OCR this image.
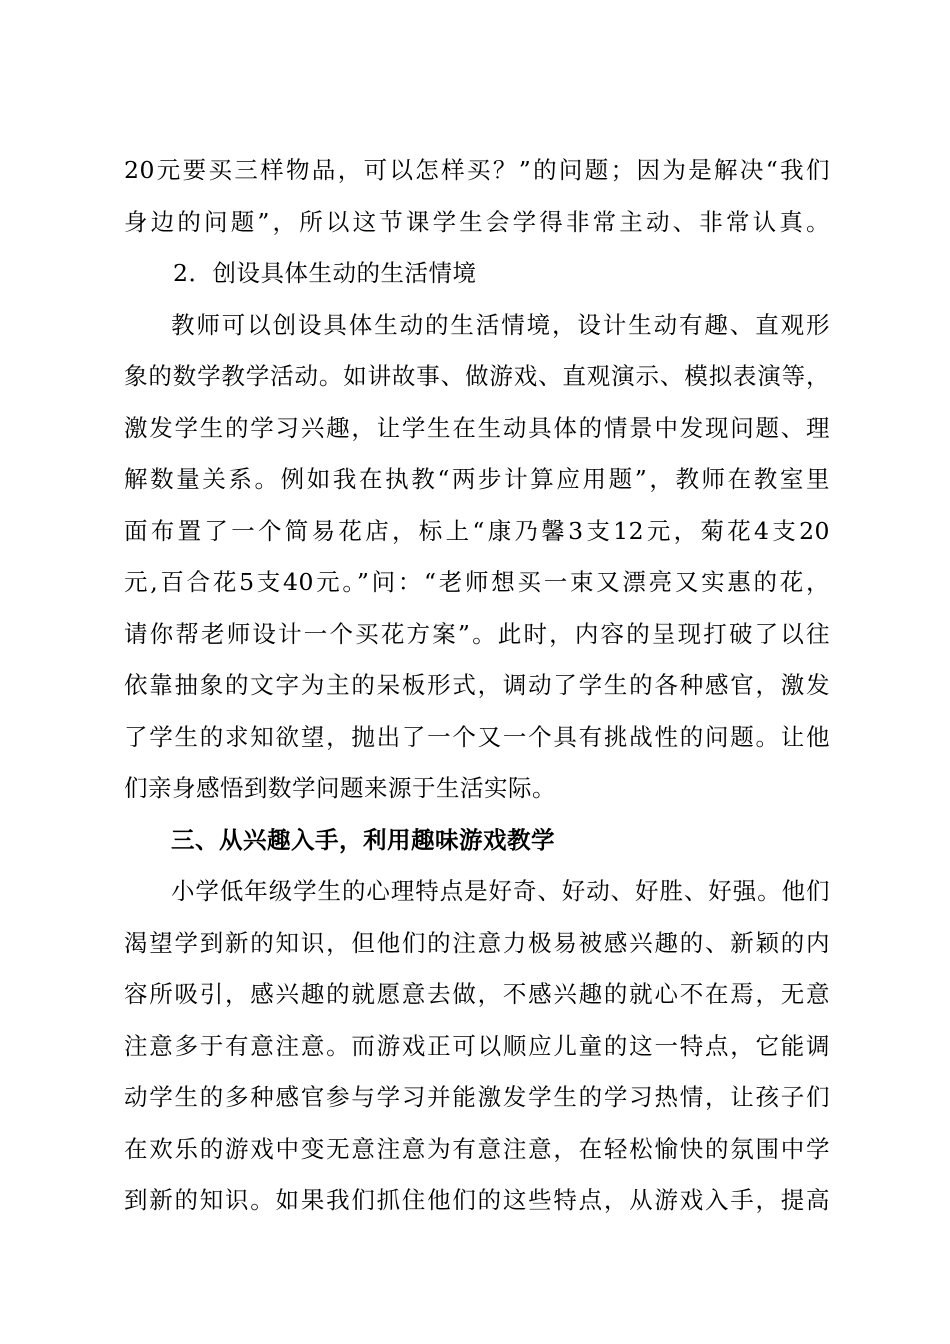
20元要买三样物品，可以怎样买？”的问题；因为是解决“我们
身边的问题”，所以这节课学生会学得非常主动、非常认真。
2．创设具体生动的生活情境
教师可以创设具体生动的生活情境，设计生动有趣、直观形
象的数学教学活动。如讲故事、做游戏、直观演示、模拟表演等，
激发学生的学习兴趣，让学生在生动具体的情景中发现问题、理
解数量关系。例如我在执教“两步计算应用题”，教师在教室里
面布置了一个简易花店，标上“康乃馨3支12元，菊花4支20
元,百合花5支40元。”问：“老师想买一束又漂亮又实惠的花，
请你帮老师设计一个买花方案”。此时，内容的呈现打破了以往
依靠抽象的文字为主的呆板形式，调动了学生的各种感官，激发
了学生的求知欲望，抛出了一个又一个具有挑战性的问题。让他
们亲身感悟到数学问题来源于生活实际。
三、从兴趣入手，利用趣味游戏教学
小学低年级学生的心理特点是好奇、好动、好胜、好强。他们
渴望学到新的知识，但他们的注意力极易被感兴趣的、新颖的内
容所吸引，感兴趣的就愿意去做，不感兴趣的就心不在焉，无意
注意多于有意注意。而游戏正可以顺应儿童的这一特点，它能调
动学生的多种感官参与学习并能激发学生的学习热情，让孩子们
在欢乐的游戏中变无意注意为有意注意，在轻松愉快的氛围中学
到新的知识。如果我们抓住他们的这些特点，从游戏入手，提高
